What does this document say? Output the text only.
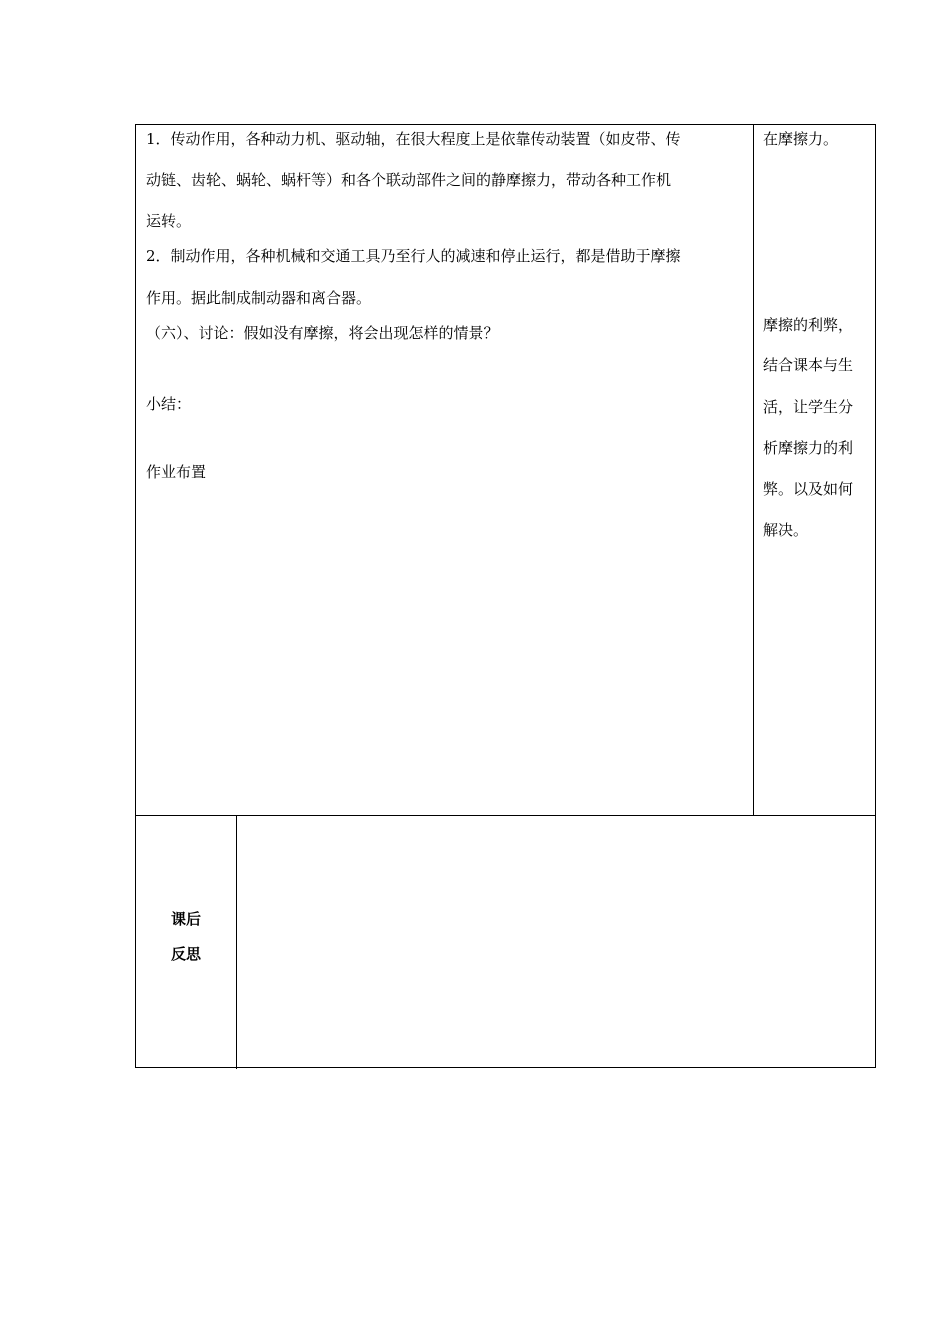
1．传动作用，各种动力机、驱动轴，在很大程度上是依靠传动装置（如皮带、传
动链、齿轮、蜗轮、蜗杆等）和各个联动部件之间的静摩擦力，带动各种工作机
运转。
2．制动作用，各种机械和交通工具乃至行人的减速和停止运行，都是借助于摩擦
作用。据此制成制动器和离合器。
（六）、讨论：假如没有摩擦，将会出现怎样的情景？
小结：
作业布置
在摩擦力。
摩擦的利弊，
结合课本与生
活，让学生分
析摩擦力的利
弊。以及如何
解决。
课后
反思
